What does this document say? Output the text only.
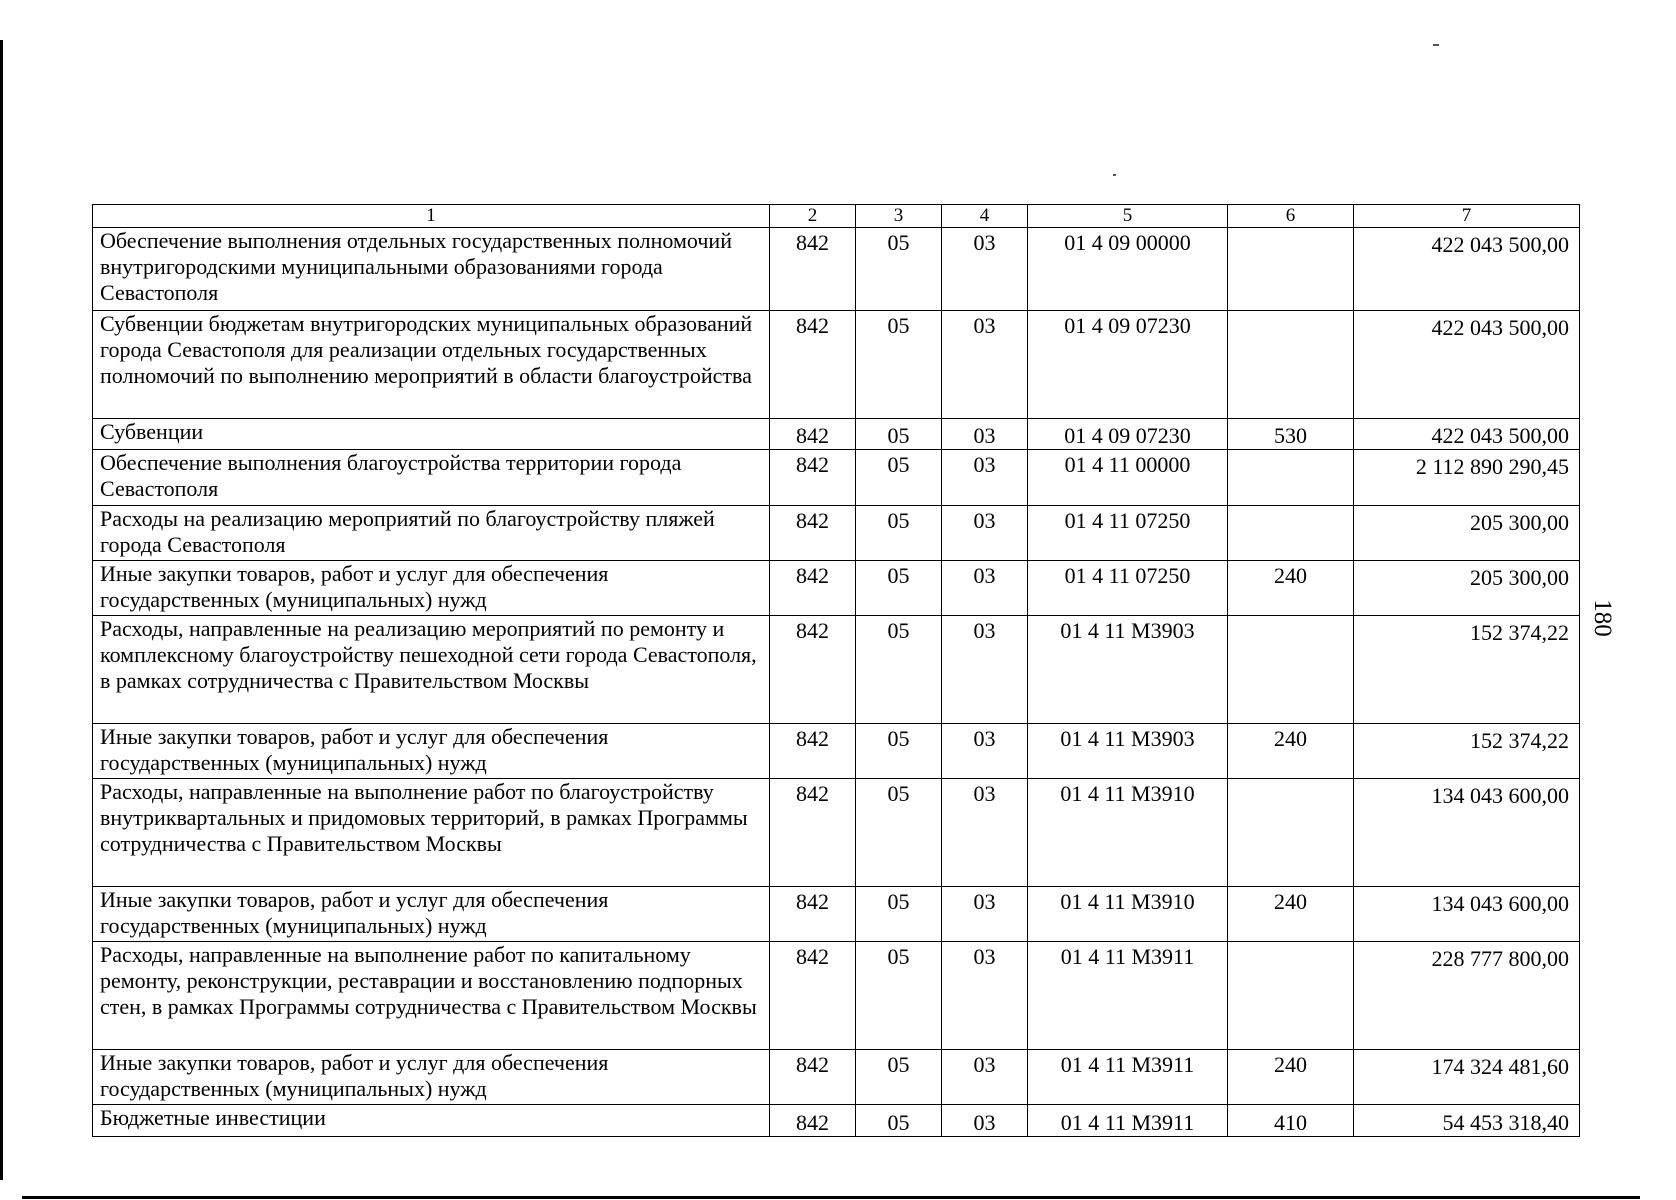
180
1	2	3	4	5	6	7
Обеспечение выполнения отдельных государственных полномочий внутригородскими муниципальными образованиями города Севастополя	842	05	03	01 4 09 00000		422 043 500,00
Субвенции бюджетам внутригородских муниципальных образований города Севастополя для реализации отдельных государственных полномочий по выполнению мероприятий в области благоустройства	842	05	03	01 4 09 07230		422 043 500,00
Субвенции	842	05	03	01 4 09 07230	530	422 043 500,00
Обеспечение выполнения благоустройства территории города Севастополя	842	05	03	01 4 11 00000		2 112 890 290,45
Расходы на реализацию мероприятий по благоустройству пляжей города Севастополя	842	05	03	01 4 11 07250		205 300,00
Иные закупки товаров, работ и услуг для обеспечения государственных (муниципальных) нужд	842	05	03	01 4 11 07250	240	205 300,00
Расходы, направленные на реализацию мероприятий по ремонту и комплексному благоустройству пешеходной сети города Севастополя, в рамках сотрудничества с Правительством Москвы	842	05	03	01 4 11 М3903		152 374,22
Иные закупки товаров, работ и услуг для обеспечения государственных (муниципальных) нужд	842	05	03	01 4 11 М3903	240	152 374,22
Расходы, направленные на выполнение работ по благоустройству внутриквартальных и придомовых территорий, в рамках Программы сотрудничества с Правительством Москвы	842	05	03	01 4 11 М3910		134 043 600,00
Иные закупки товаров, работ и услуг для обеспечения государственных (муниципальных) нужд	842	05	03	01 4 11 М3910	240	134 043 600,00
Расходы, направленные на выполнение работ по капитальному ремонту, реконструкции, реставрации и восстановлению подпорных стен, в рамках Программы сотрудничества с Правительством Москвы	842	05	03	01 4 11 М3911		228 777 800,00
Иные закупки товаров, работ и услуг для обеспечения государственных (муниципальных) нужд	842	05	03	01 4 11 М3911	240	174 324 481,60
Бюджетные инвестиции	842	05	03	01 4 11 М3911	410	54 453 318,40
